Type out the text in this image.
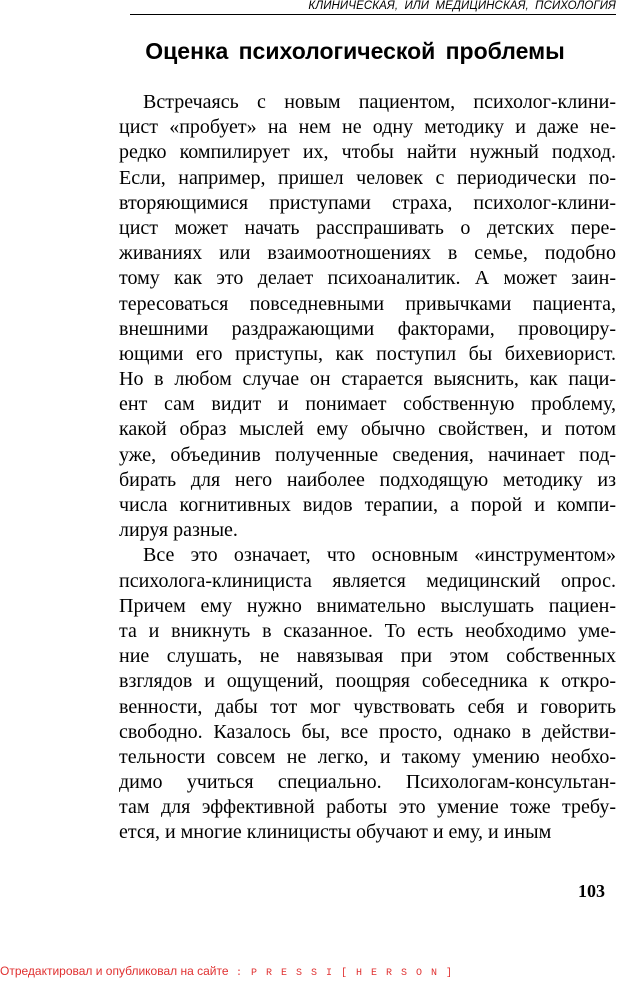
КЛИНИЧЕСКАЯ, ИЛИ МЕДИЦИНСКАЯ, ПСИХОЛОГИЯ
Оценка психологической проблемы
Встречаясь с новым пациентом, психолог-клини-
цист «пробует» на нем не одну методику и даже не-
редко компилирует их, чтобы найти нужный подход.
Если, например, пришел человек с периодически по-
вторяющимися приступами страха, психолог-клини-
цист может начать расспрашивать о детских пере-
живаниях или взаимоотношениях в семье, подобно
тому как это делает психоаналитик. А может заин-
тересоваться повседневными привычками пациента,
внешними раздражающими факторами, провоциру-
ющими его приступы, как поступил бы бихевиорист.
Но в любом случае он старается выяснить, как паци-
ент сам видит и понимает собственную проблему,
какой образ мыслей ему обычно свойствен, и потом
уже, объединив полученные сведения, начинает под-
бирать для него наиболее подходящую методику из
числа когнитивных видов терапии, а порой и компи-
лируя разные.
Все это означает, что основным «инструментом»
психолога-клинициста является медицинский опрос.
Причем ему нужно внимательно выслушать пациен-
та и вникнуть в сказанное. То есть необходимо уме-
ние слушать, не навязывая при этом собственных
взглядов и ощущений, поощряя собеседника к откро-
венности, дабы тот мог чувствовать себя и говорить
свободно. Казалось бы, все просто, однако в действи-
тельности совсем не легко, и такому умению необхо-
димо учиться специально. Психологам-консультан-
там для эффективной работы это умение тоже требу-
ется, и многие клиницисты обучают и ему, и иным
103
Отредактировал и опубликовал на сайте : P R E S S I [ H E R S O N ]
